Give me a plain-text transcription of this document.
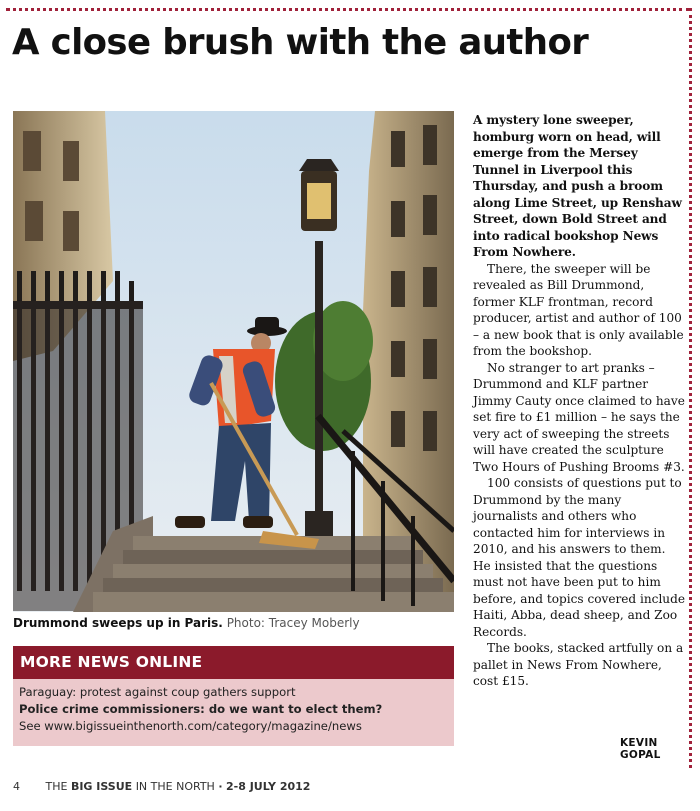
A close brush with the author
Drummond sweeps up in Paris. Photo: Tracey Moberly
MORE NEWS ONLINE
Paraguay: protest against coup gathers support
Police crime commissioners: do we want to elect them?
See www.bigissueinthenorth.com/category/magazine/news

A mystery lone sweeper, homburg worn on head, will emerge from the Mersey Tunnel in Liverpool this Thursday, and push a broom along Lime Street, up Renshaw Street, down Bold Street and into radical bookshop News From Nowhere.

There, the sweeper will be revealed as Bill Drummond, former KLF frontman, record producer, artist and author of 100 – a new book that is only available from the bookshop.

No stranger to art pranks – Drummond and KLF partner Jimmy Cauty once claimed to have set fire to £1 million – he says the very act of sweeping the streets will have created the sculpture Two Hours of Pushing Brooms #3.

100 consists of questions put to Drummond by the many journalists and others who contacted him for interviews in 2010, and his answers to them. He insisted that the questions must not have been put to him before, and topics covered include Haiti, Abba, dead sheep, and Zoo Records.

The books, stacked artfully on a pallet in News From Nowhere, cost £15.

KEVIN GOPAL
4 THE BIG ISSUE IN THE NORTH · 2-8 JULY 2012
